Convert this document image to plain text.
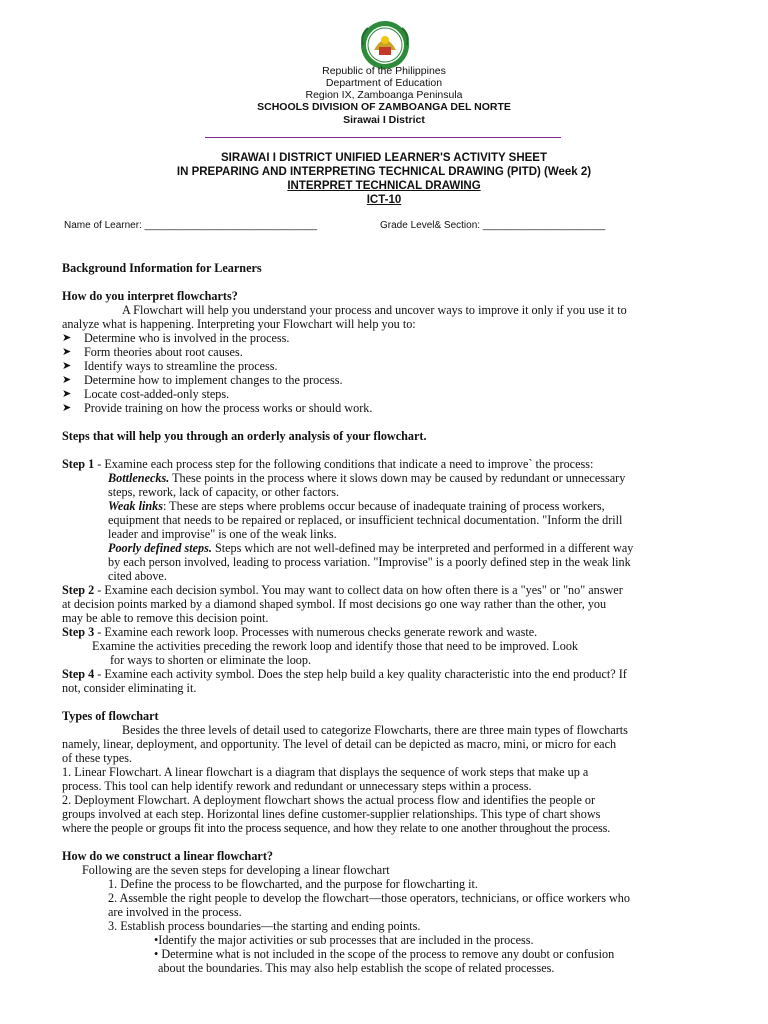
Republic of the Philippines
Department of Education
Region IX, Zamboanga Peninsula
SCHOOLS DIVISION OF ZAMBOANGA DEL NORTE
Sirawai I District
SIRAWAI I DISTRICT UNIFIED LEARNER'S ACTIVITY SHEET
IN PREPARING AND INTERPRETING TECHNICAL DRAWING (PITD) (Week 2)
INTERPRET TECHNICAL DRAWING
ICT-10
Name of Learner: _______________________________	Grade Level& Section: ______________________

Background Information for Learners

How do you interpret flowcharts?

A Flowchart will help you understand your process and uncover ways to improve it only if you use it to

analyze what is happening. Interpreting your Flowchart will help you to:

➤ Determine who is involved in the process.

➤ Form theories about root causes.

➤ Identify ways to streamline the process.

➤ Determine how to implement changes to the process.

➤ Locate cost-added-only steps.

➤ Provide training on how the process works or should work.

Steps that will help you through an orderly analysis of your flowchart.

Step 1 - Examine each process step for the following conditions that indicate a need to improve` the process:

Bottlenecks. These points in the process where it slows down may be caused by redundant or unnecessary

steps, rework, lack of capacity, or other factors.

Weak links: These are steps where problems occur because of inadequate training of process workers,

equipment that needs to be repaired or replaced, or insufficient technical documentation. "Inform the drill

leader and improvise" is one of the weak links.

Poorly defined steps. Steps which are not well-defined may be interpreted and performed in a different way

by each person involved, leading to process variation. "Improvise" is a poorly defined step in the weak link

cited above.

Step 2 - Examine each decision symbol. You may want to collect data on how often there is a "yes" or "no" answer

at decision points marked by a diamond shaped symbol. If most decisions go one way rather than the other, you

may be able to remove this decision point.

Step 3 - Examine each rework loop. Processes with numerous checks generate rework and waste.

Examine the activities preceding the rework loop and identify those that need to be improved. Look

for ways to shorten or eliminate the loop.

Step 4 - Examine each activity symbol. Does the step help build a key quality characteristic into the end product? If

not, consider eliminating it.

Types of flowchart

Besides the three levels of detail used to categorize Flowcharts, there are three main types of flowcharts

namely, linear, deployment, and opportunity. The level of detail can be depicted as macro, mini, or micro for each

of these types.

1. Linear Flowchart. A linear flowchart is a diagram that displays the sequence of work steps that make up a

process. This tool can help identify rework and redundant or unnecessary steps within a process.

2. Deployment Flowchart. A deployment flowchart shows the actual process flow and identifies the people or

groups involved at each step. Horizontal lines define customer-supplier relationships. This type of chart shows

where the people or groups fit into the process sequence, and how they relate to one another throughout the process.

How do we construct a linear flowchart?

Following are the seven steps for developing a linear flowchart

1. Define the process to be flowcharted, and the purpose for flowcharting it.

2. Assemble the right people to develop the flowchart—those operators, technicians, or office workers who

are involved in the process.

3. Establish process boundaries—the starting and ending points.

•Identify the major activities or sub processes that are included in the process.

• Determine what is not included in the scope of the process to remove any doubt or confusion

about the boundaries. This may also help establish the scope of related processes.
